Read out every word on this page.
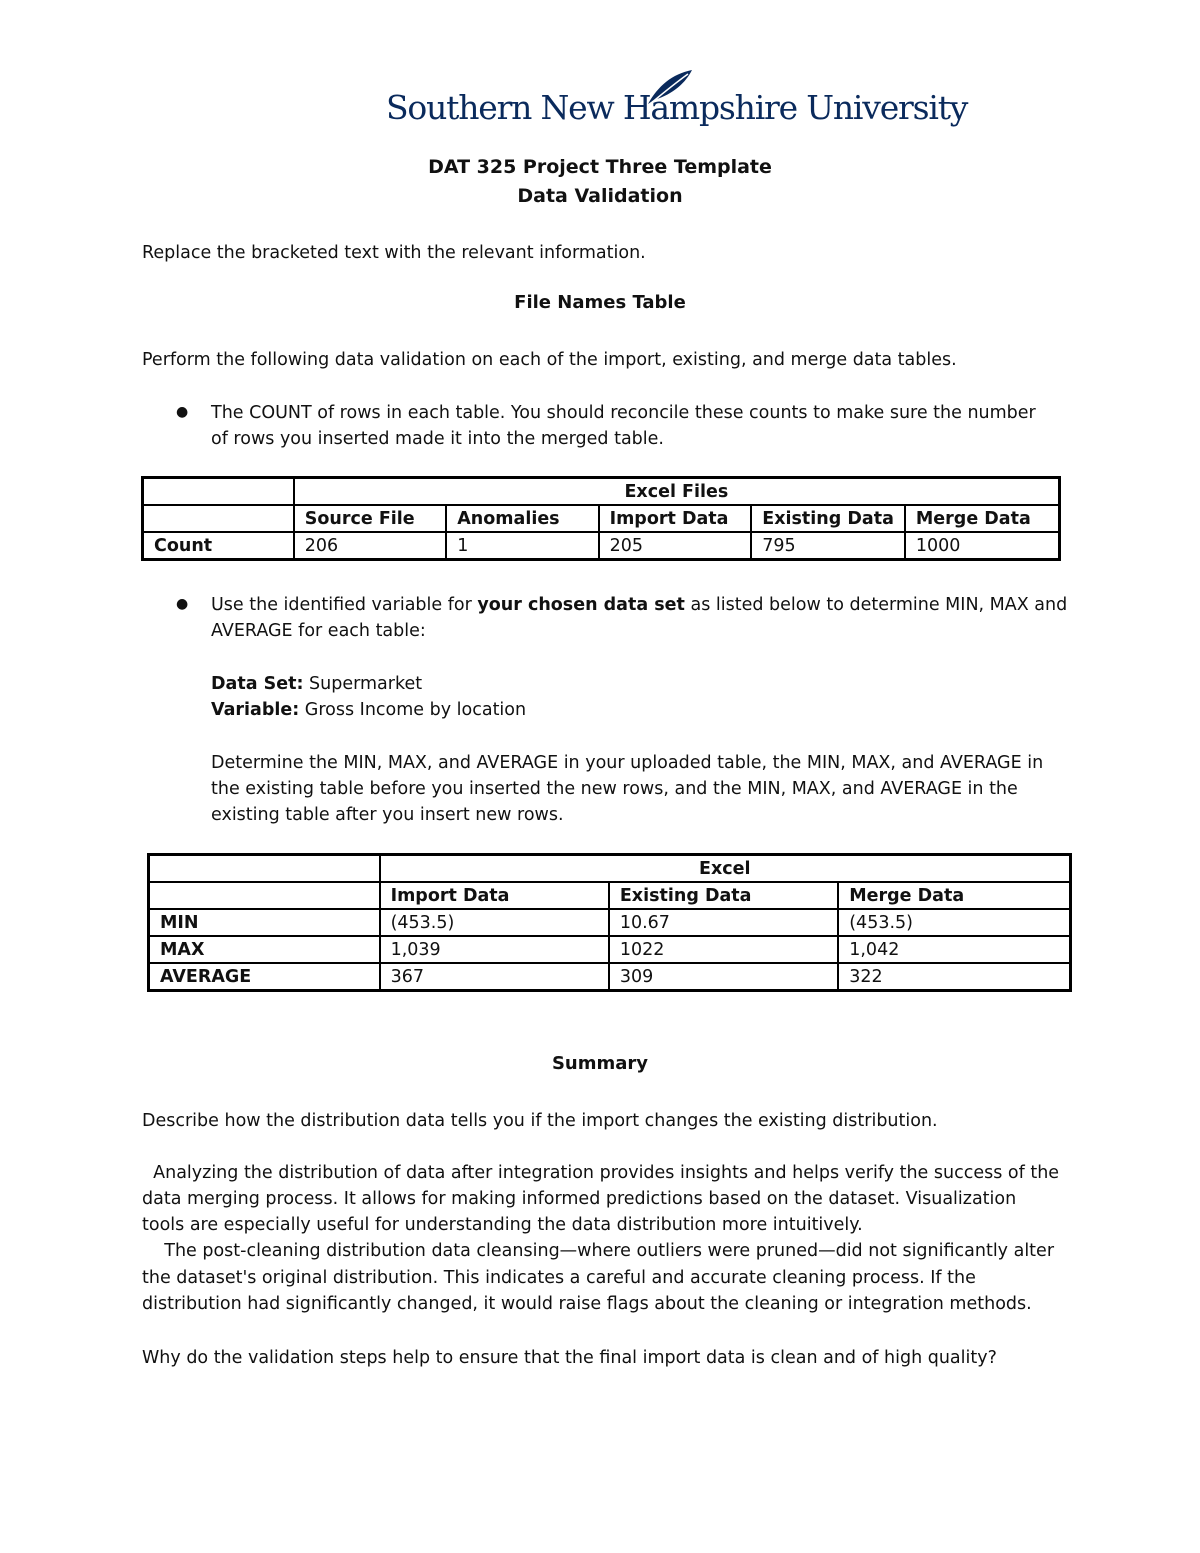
Southern New Hampshire University
DAT 325 Project Three Template
Data Validation

Replace the bracketed text with the relevant information.

File Names Table

Perform the following data validation on each of the import, existing, and merge data tables.

● The COUNT of rows in each table. You should reconcile these counts to make sure the number

of rows you inserted made it into the merged table.

	Excel Files				
	Source File	Anomalies	Import Data	Existing Data	Merge Data
Count	206	1	205	795	1000
● Use the identified variable for your chosen data set as listed below to determine MIN, MAX and

AVERAGE for each table:

Data Set: Supermarket

Variable: Gross Income by location

Determine the MIN, MAX, and AVERAGE in your uploaded table, the MIN, MAX, and AVERAGE in

the existing table before you inserted the new rows, and the MIN, MAX, and AVERAGE in the

existing table after you insert new rows.

	Excel		
	Import Data	Existing Data	Merge Data
MIN	(453.5)	10.67	(453.5)
MAX	1,039	1022	1,042
AVERAGE	367	309	322
Summary

Describe how the distribution data tells you if the import changes the existing distribution.

Analyzing the distribution of data after integration provides insights and helps verify the success of the

data merging process. It allows for making informed predictions based on the dataset. Visualization

tools are especially useful for understanding the data distribution more intuitively.

The post-cleaning distribution data cleansing—where outliers were pruned—did not significantly alter

the dataset's original distribution. This indicates a careful and accurate cleaning process. If the

distribution had significantly changed, it would raise flags about the cleaning or integration methods.

Why do the validation steps help to ensure that the final import data is clean and of high quality?
